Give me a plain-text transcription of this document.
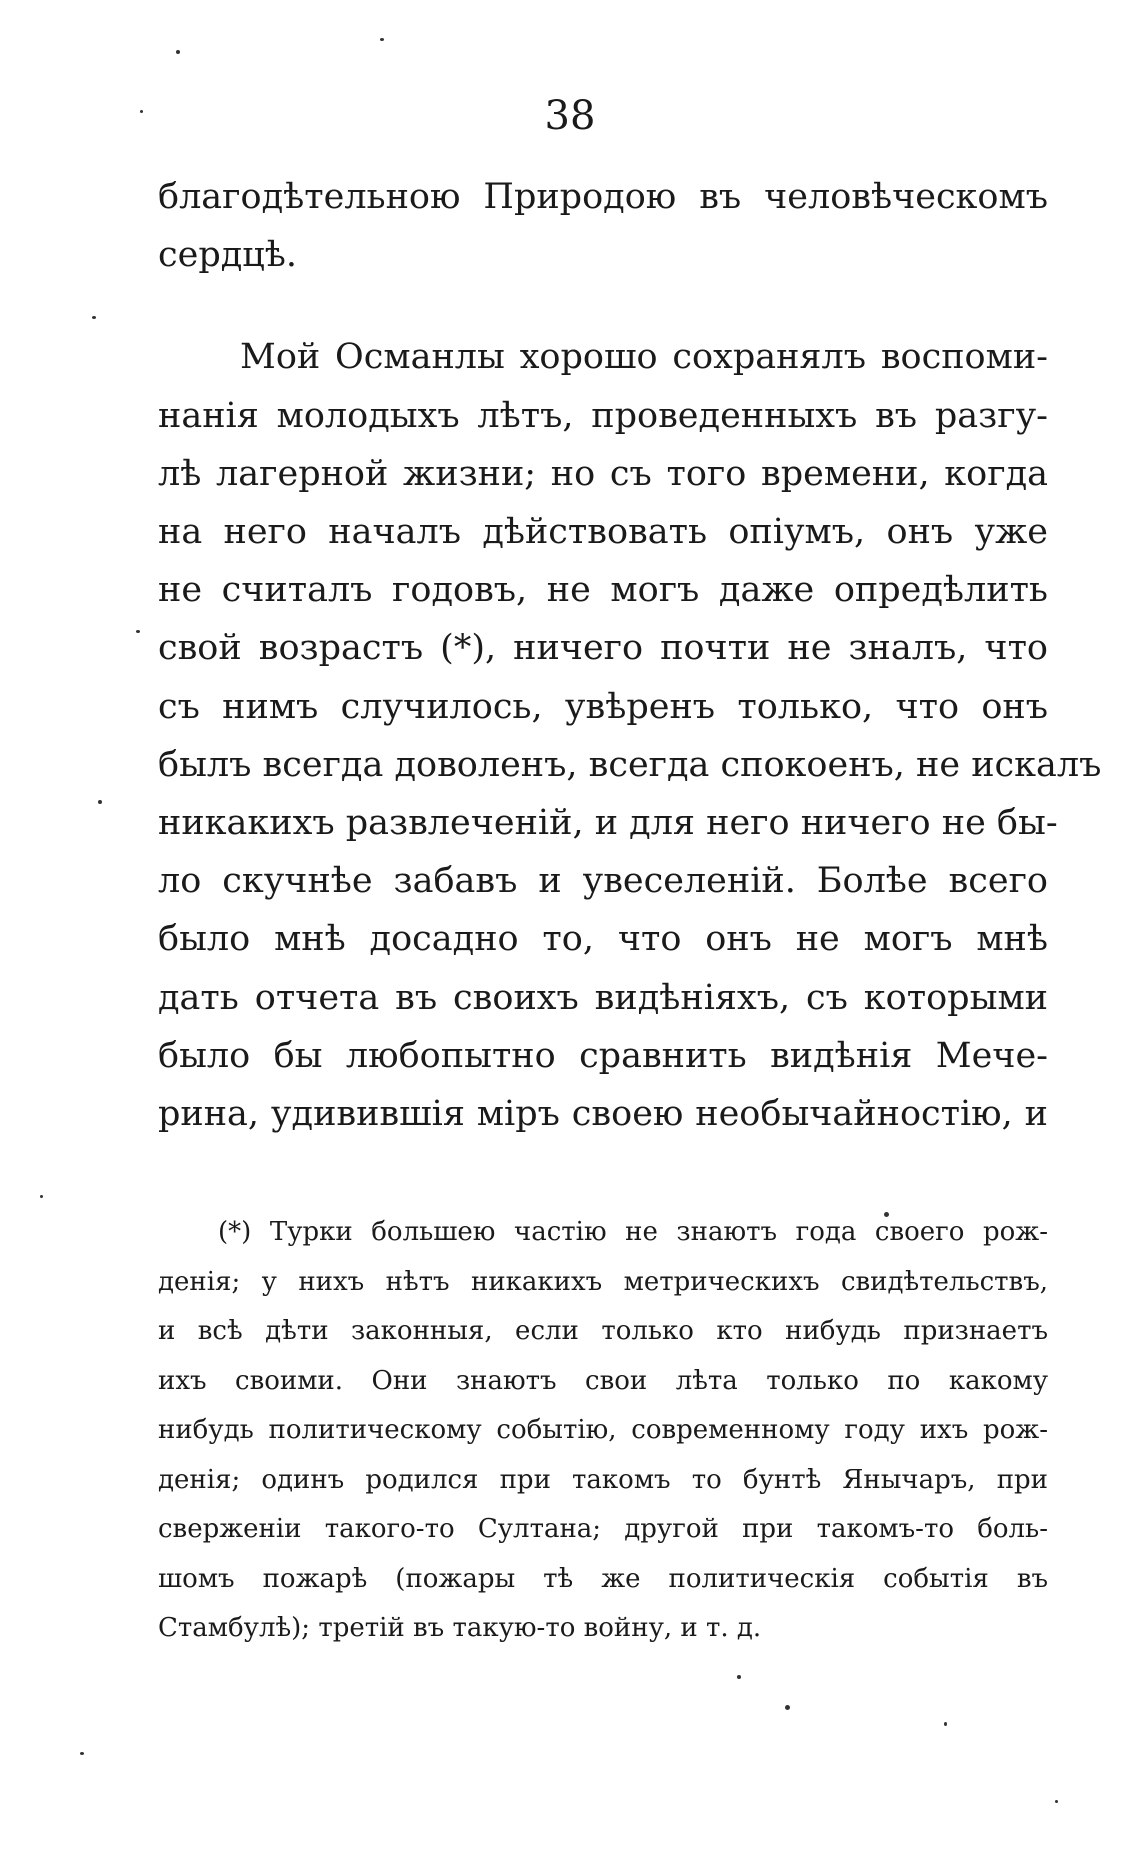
38
благодѣтельною Природою въ человѣческомъ
сердцѣ.
Мой Османлы хорошо сохранялъ воспоми-
нанія молодыхъ лѣтъ, проведенныхъ въ разгу-
лѣ лагерной жизни; но съ того времени, когда
на него началъ дѣйствовать опіумъ, онъ уже
не считалъ годовъ, не могъ даже опредѣлить
свой возрастъ (*), ничего почти не зналъ, что
съ нимъ случилось, увѣренъ только, что онъ
былъ всегда доволенъ, всегда спокоенъ, не искалъ
никакихъ развлеченій, и для него ничего не бы-
ло скучнѣе забавъ и увеселеній. Болѣе всего
было мнѣ досадно то, что онъ не могъ мнѣ
дать отчета въ своихъ видѣніяхъ, съ которыми
было бы любопытно сравнить видѣнія Мече-
рина, удивившія міръ своею необычайностію, и
(*) Турки большею частію не знаютъ года своего рож-
денія; у нихъ нѣтъ никакихъ метрическихъ свидѣтельствъ,
и всѣ дѣти законныя, если только кто нибудь признаетъ
ихъ своими. Они знаютъ свои лѣта только по какому
нибудь политическому событію, современному году ихъ рож-
денія; одинъ родился при такомъ то бунтѣ Янычаръ, при
сверженіи такого-то Султана; другой при такомъ-то боль-
шомъ пожарѣ (пожары тѣ же политическія событія въ
Стамбулѣ); третій въ такую-то войну, и т. д.
